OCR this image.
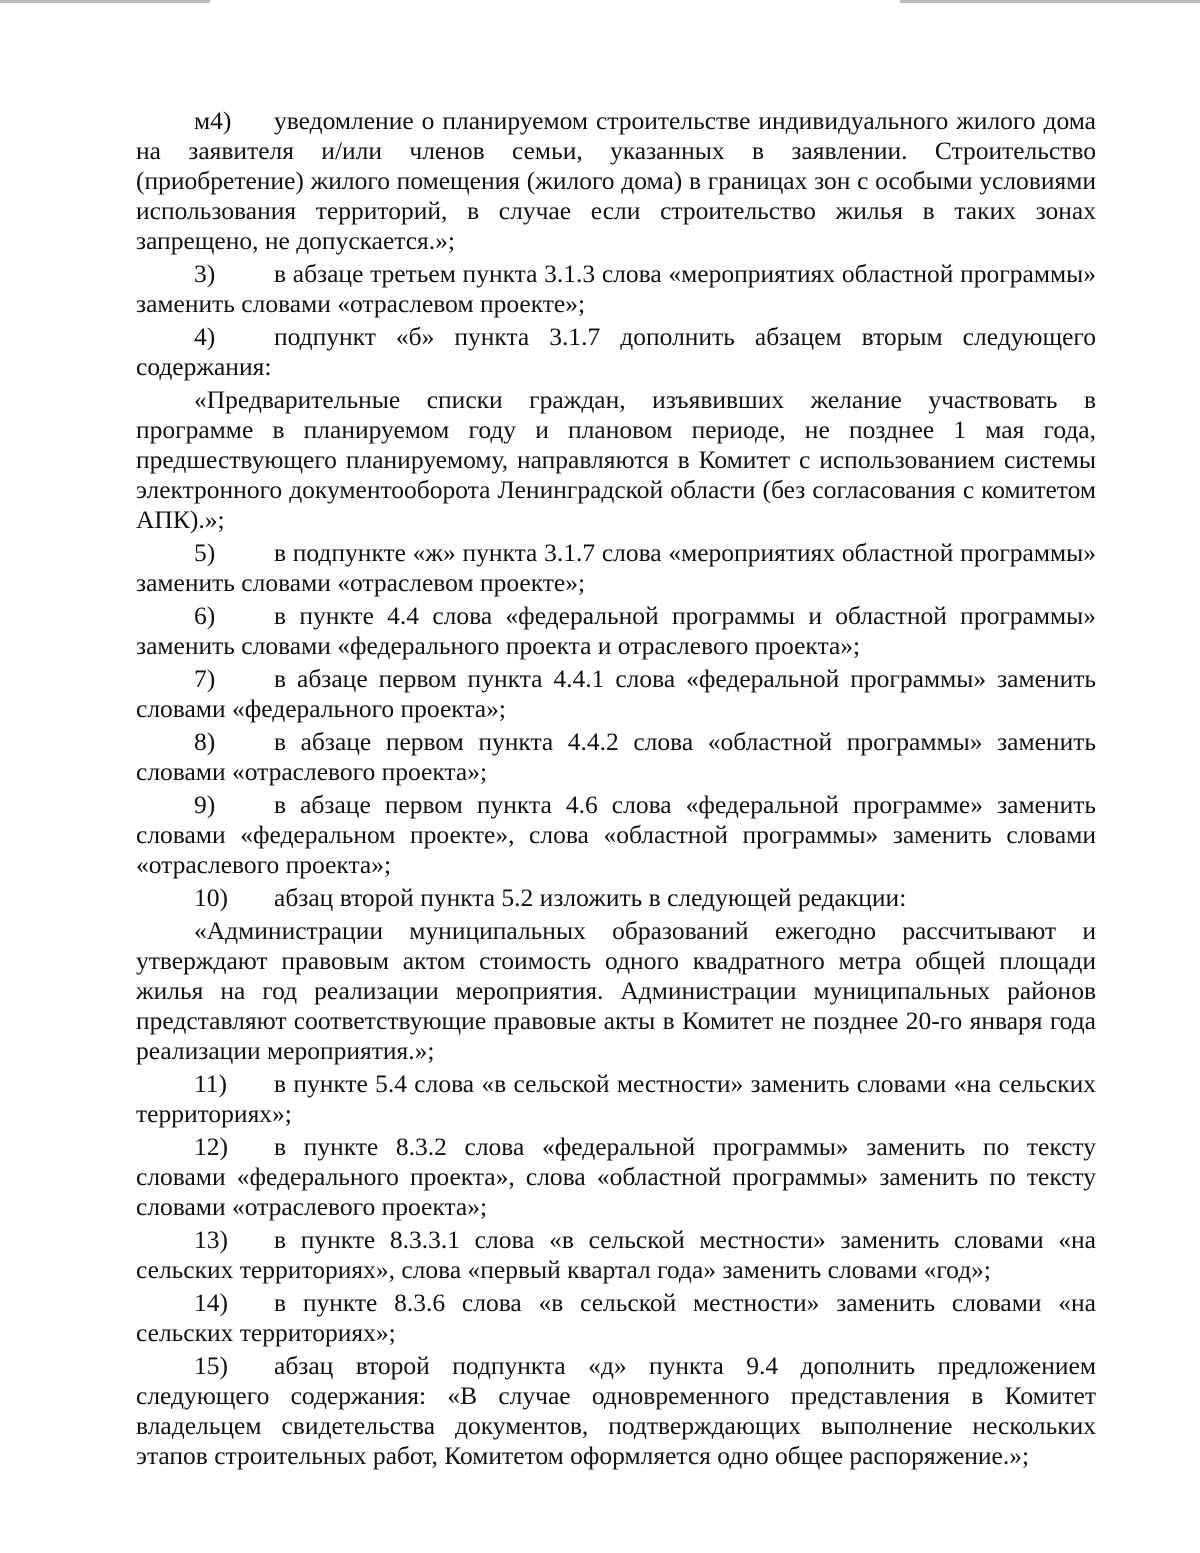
м4) уведомление о планируемом строительстве индивидуального жилого дома на заявителя и/или членов семьи, указанных в заявлении. Строительство (приобретение) жилого помещения (жилого дома) в границах зон с особыми условиями использования территорий, в случае если строительство жилья в таких зонах запрещено, не допускается.»;

3) в абзаце третьем пункта 3.1.3 слова «мероприятиях областной программы» заменить словами «отраслевом проекте»;

4) подпункт «б» пункта 3.1.7 дополнить абзацем вторым следующего содержания:

«Предварительные списки граждан, изъявивших желание участвовать в программе в планируемом году и плановом периоде, не позднее 1 мая года, предшествующего планируемому, направляются в Комитет с использованием системы электронного документооборота Ленинградской области (без согласования с комитетом АПК).»;

5) в подпункте «ж» пункта 3.1.7 слова «мероприятиях областной программы» заменить словами «отраслевом проекте»;

6) в пункте 4.4 слова «федеральной программы и областной программы» заменить словами «федерального проекта и отраслевого проекта»;

7) в абзаце первом пункта 4.4.1 слова «федеральной программы» заменить словами «федерального проекта»;

8) в абзаце первом пункта 4.4.2 слова «областной программы» заменить словами «отраслевого проекта»;

9) в абзаце первом пункта 4.6 слова «федеральной программе» заменить словами «федеральном проекте», слова «областной программы» заменить словами «отраслевого проекта»;

10) абзац второй пункта 5.2 изложить в следующей редакции:

«Администрации муниципальных образований ежегодно рассчитывают и утверждают правовым актом стоимость одного квадратного метра общей площади жилья на год реализации мероприятия. Администрации муниципальных районов представляют соответствующие правовые акты в Комитет не позднее 20-го января года реализации мероприятия.»;

11) в пункте 5.4 слова «в сельской местности» заменить словами «на сельских территориях»;

12) в пункте 8.3.2 слова «федеральной программы» заменить по тексту словами «федерального проекта», слова «областной программы» заменить по тексту словами «отраслевого проекта»;

13) в пункте 8.3.3.1 слова «в сельской местности» заменить словами «на сельских территориях», слова «первый квартал года» заменить словами «год»;

14) в пункте 8.3.6 слова «в сельской местности» заменить словами «на сельских территориях»;

15) абзац второй подпункта «д» пункта 9.4 дополнить предложением следующего содержания: «В случае одновременного представления в Комитет владельцем свидетельства документов, подтверждающих выполнение нескольких этапов строительных работ, Комитетом оформляется одно общее распоряжение.»;
